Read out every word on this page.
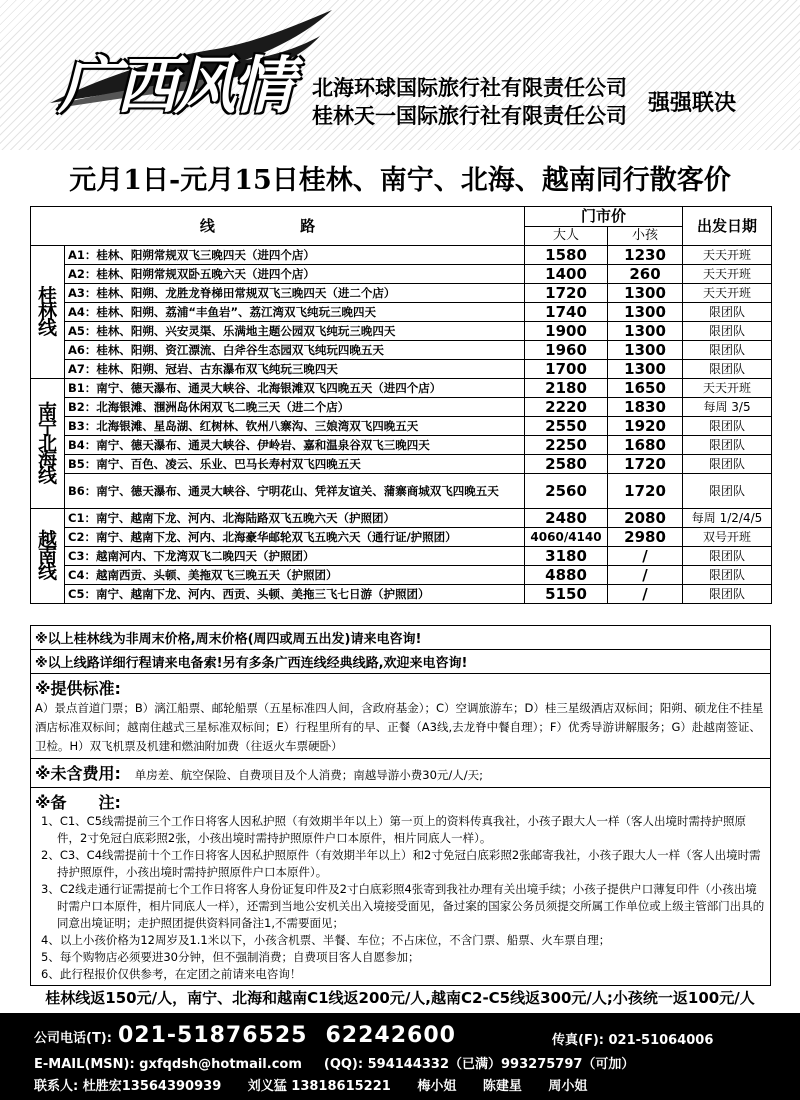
广西风情 北海环球国际旅行社有限责任公司
桂林天一国际旅行社有限责任公司 强强联决
元月1日-元月15日桂林、南宁、北海、越南同行散客价
线 路		门市价		出发日期
		大人	小孩	
桂林线	A1：桂林、阳朔常规双飞三晚四天（进四个店）	1580	1230	天天开班
	A2：桂林、阳朔常规双卧五晚六天（进四个店）	1400	260	天天开班
	A3：桂林、阳朔、龙胜龙脊梯田常规双飞三晚四天（进二个店）	1720	1300	天天开班
	A4：桂林、阳朔、荔浦“丰鱼岩”、荔江湾双飞纯玩三晚四天	1740	1300	限团队
	A5：桂林、阳朔、兴安灵渠、乐满地主题公园双飞纯玩三晚四天	1900	1300	限团队
	A6：桂林、阳朔、资江漂流、白斧谷生态园双飞纯玩四晚五天	1960	1300	限团队
	A7：桂林、阳朔、冠岩、古东瀑布双飞纯玩三晚四天	1700	1300	限团队
南宁北海线	B1：南宁、德天瀑布、通灵大峡谷、北海银滩双飞四晚五天（进四个店）	2180	1650	天天开班
	B2：北海银滩、涠洲岛休闲双飞二晚三天（进二个店）	2220	1830	每周 3/5
	B3：北海银滩、星岛湖、红树林、钦州八寨沟、三娘湾双飞四晚五天	2550	1920	限团队
	B4：南宁、德天瀑布、通灵大峡谷、伊岭岩、嘉和温泉谷双飞三晚四天	2250	1680	限团队
	B5：南宁、百色、凌云、乐业、巴马长寿村双飞四晚五天	2580	1720	限团队
	B6：南宁、德天瀑布、通灵大峡谷、宁明花山、凭祥友谊关、蒲寨商城双飞四晚五天	2560	1720	限团队
越南线	C1：南宁、越南下龙、河内、北海陆路双飞五晚六天（护照团）	2480	2080	每周 1/2/4/5
	C2：南宁、越南下龙、河内、北海豪华邮轮双飞五晚六天（通行证/护照团）	4060/4140	2980	双号开班
	C3：越南河内、下龙湾双飞二晚四天（护照团）	3180	/	限团队
	C4：越南西贡、头顿、美拖双飞三晚五天（护照团）	4880	/	限团队
	C5：南宁、越南下龙、河内、西贡、头顿、美拖三飞七日游（护照团）	5150	/	限团队
※以上桂林线为非周末价格,周末价格(周四或周五出发)请来电咨询!
※以上线路详细行程请来电备索!另有多条广西连线经典线路,欢迎来电咨询!
※提供标准:
A）景点首道门票；B）漓江船票、邮轮船票（五星标准四人间，含政府基金）；C）空调旅游车；D）桂三星级酒店双标间；阳朔、硕龙住不挂星酒店标准双标间；越南住越式三星标准双标间；E）行程里所有的早、正餐（A3线,去龙脊中餐自理）；F）优秀导游讲解服务；G）赴越南签证、卫检。H）双飞机票及机建和燃油附加费（往返火车票硬卧）
※未含费用: 单房差、航空保险、自费项目及个人消费；南越导游小费30元/人/天;
※备　　注:
1、C1、C5线需提前三个工作日将客人因私护照（有效期半年以上）第一页上的资料传真我社，小孩子跟大人一样（客人出境时需持护照原件，2寸免冠白底彩照2张，小孩出境时需持护照原件户口本原件，相片同底人一样）。
2、C3、C4线需提前十个工作日将客人因私护照原件（有效期半年以上）和2寸免冠白底彩照2张邮寄我社，小孩子跟大人一样（客人出境时需持护照原件，小孩出境时需持护照原件户口本原件）。
3、C2线走通行证需提前七个工作日将客人身份证复印件及2寸白底彩照4张寄到我社办理有关出境手续；小孩子提供户口薄复印件（小孩出境时需户口本原件，相片同底人一样），还需到当地公安机关出入境接受面见，备过案的国家公务员须提交所属工作单位或上级主管部门出具的同意出境证明；走护照团提供资料同备注1,不需要面见；
4、以上小孩价格为12周岁及1.1米以下，小孩含机票、半餐、车位；不占床位，不含门票、船票、火车票自理；
5、每个购物店必须要进30分钟，但不强制消费；自费项目客人自愿参加；
6、此行程报价仅供参考，在定团之前请来电咨询！
桂林线返150元/人，南宁、北海和越南C1线返200元/人,越南C2-C5线返300元/人;小孩统一返100元/人
公司电话(T): 021-51876525 62242600	传真(F): 021-51064006
E-MAIL(MSN): gxfqdsh@hotmail.com (QQ): 594144332（已满）993275797（可加）
联系人: 杜胜宏13564390939 刘义猛 13818615221 梅小姐 陈建星 周小姐
